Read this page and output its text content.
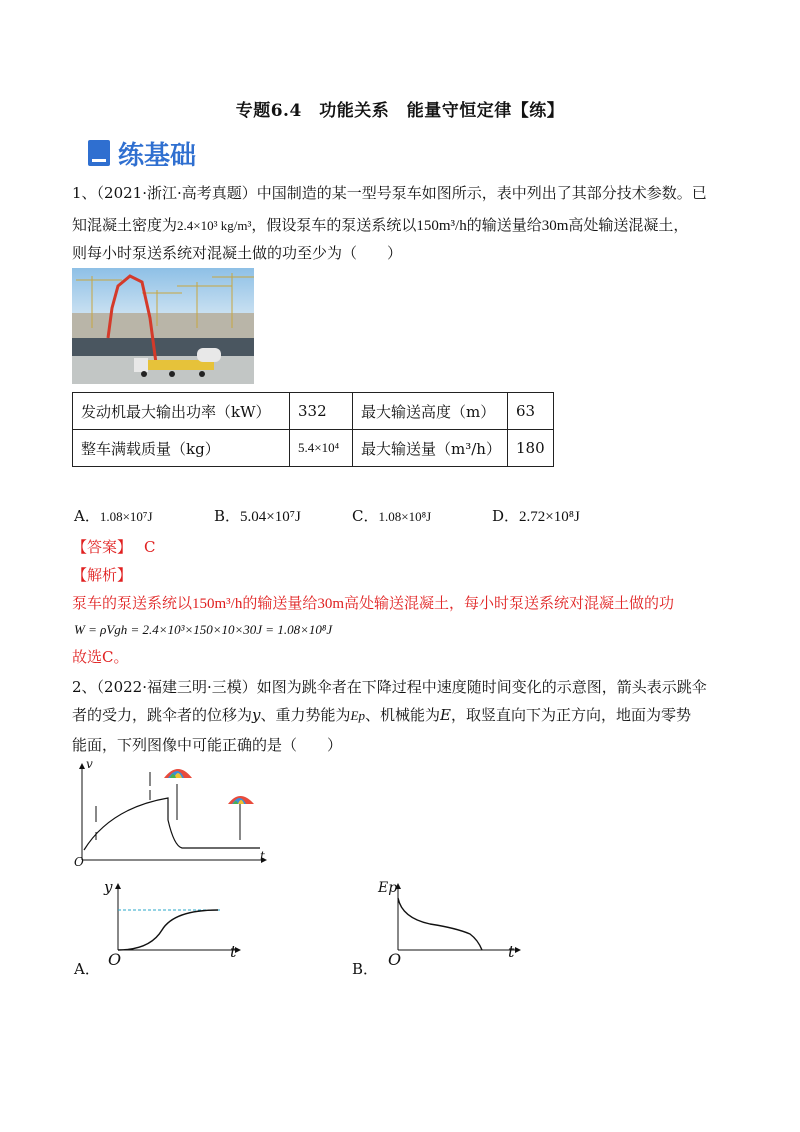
专题6.4　功能关系　能量守恒定律【练】
练基础
1、（2021·浙江·高考真题）中国制造的某一型号泵车如图所示，表中列出了其部分技术参数。已
知混凝土密度为2.4×10³ kg/m³，假设泵车的泵送系统以150m³/h的输送量给30m高处输送混凝土，
则每小时泵送系统对混凝土做的功至少为（　　）
发动机最大输出功率（kW）	332	最大输送高度（m）	63
整车满载质量（kg）	5.4×10⁴	最大输送量（m³/h）	180
A．1.08×10⁷J	B．5.04×10⁷J	C．1.08×10⁸J	D．2.72×10⁸J
【答案】 C
【解析】
泵车的泵送系统以150m³/h的输送量给30m高处输送混凝土，每小时泵送系统对混凝土做的功
W = ρVgh = 2.4×10³×150×10×30J = 1.08×10⁸J
故选C。
2、（2022·福建三明·三模）如图为跳伞者在下降过程中速度随时间变化的示意图，箭头表示跳伞
者的受力，跳伞者的位移为y、重力势能为Ep、机械能为E，取竖直向下为正方向，地面为零势
能面，下列图像中可能正确的是（　　）
v
t
O
y
t
O
A．
Ep
t
O
B．
